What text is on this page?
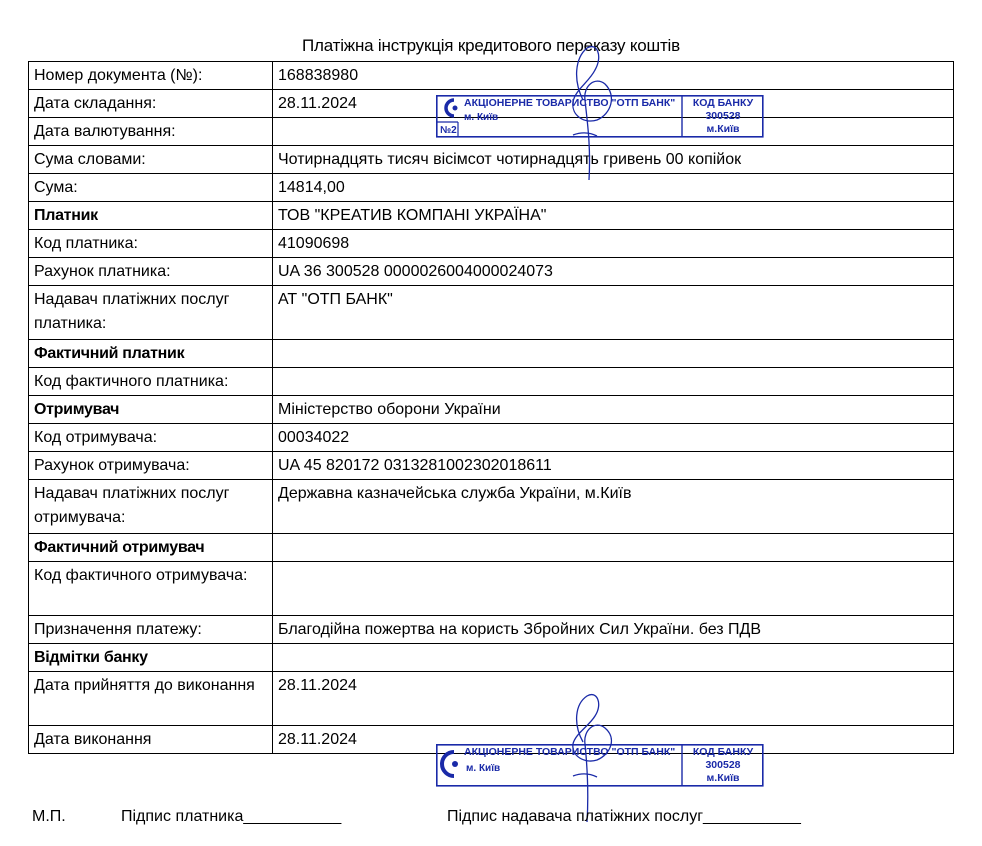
Платіжна інструкція кредитового переказу коштів
Номер документа (№):	168838980
Дата складання:	28.11.2024
Дата валютування:	
Сума словами:	Чотирнадцять тисяч вісімсот чотирнадцять гривень 00 копійок
Сума:	14814,00
Платник	ТОВ "КРЕАТИВ КОМПАНІ УКРАЇНА"
Код платника:	41090698
Рахунок платника:	UA 36 300528 0000026004000024073
Надавач платіжних послуг платника:	АТ "ОТП БАНК"
Фактичний платник	
Код фактичного платника:	
Отримувач	Міністерство оборони України
Код отримувача:	00034022
Рахунок отримувача:	UA 45 820172 0313281002302018611
Надавач платіжних послуг отримувача:	Державна казначейська служба України, м.Київ
Фактичний отримувач	
Код фактичного отримувача:	
Призначення платежу:	Благодійна пожертва на користь Збройних Сил України. без ПДВ
Відмітки банку	
Дата прийняття до виконання	28.11.2024
Дата виконання	28.11.2024
АКЦІОНЕРНЕ ТОВАРИСТВО "ОТП БАНК"
м. Київ
№2
КОД БАНКУ
300528
м.Київ
АКЦІОНЕРНЕ ТОВАРИСТВО "ОТП БАНК"
м. Київ
КОД БАНКУ
300528
м.Київ
М.П.	Підпис платника___________	Підпис надавача платіжних послуг___________
